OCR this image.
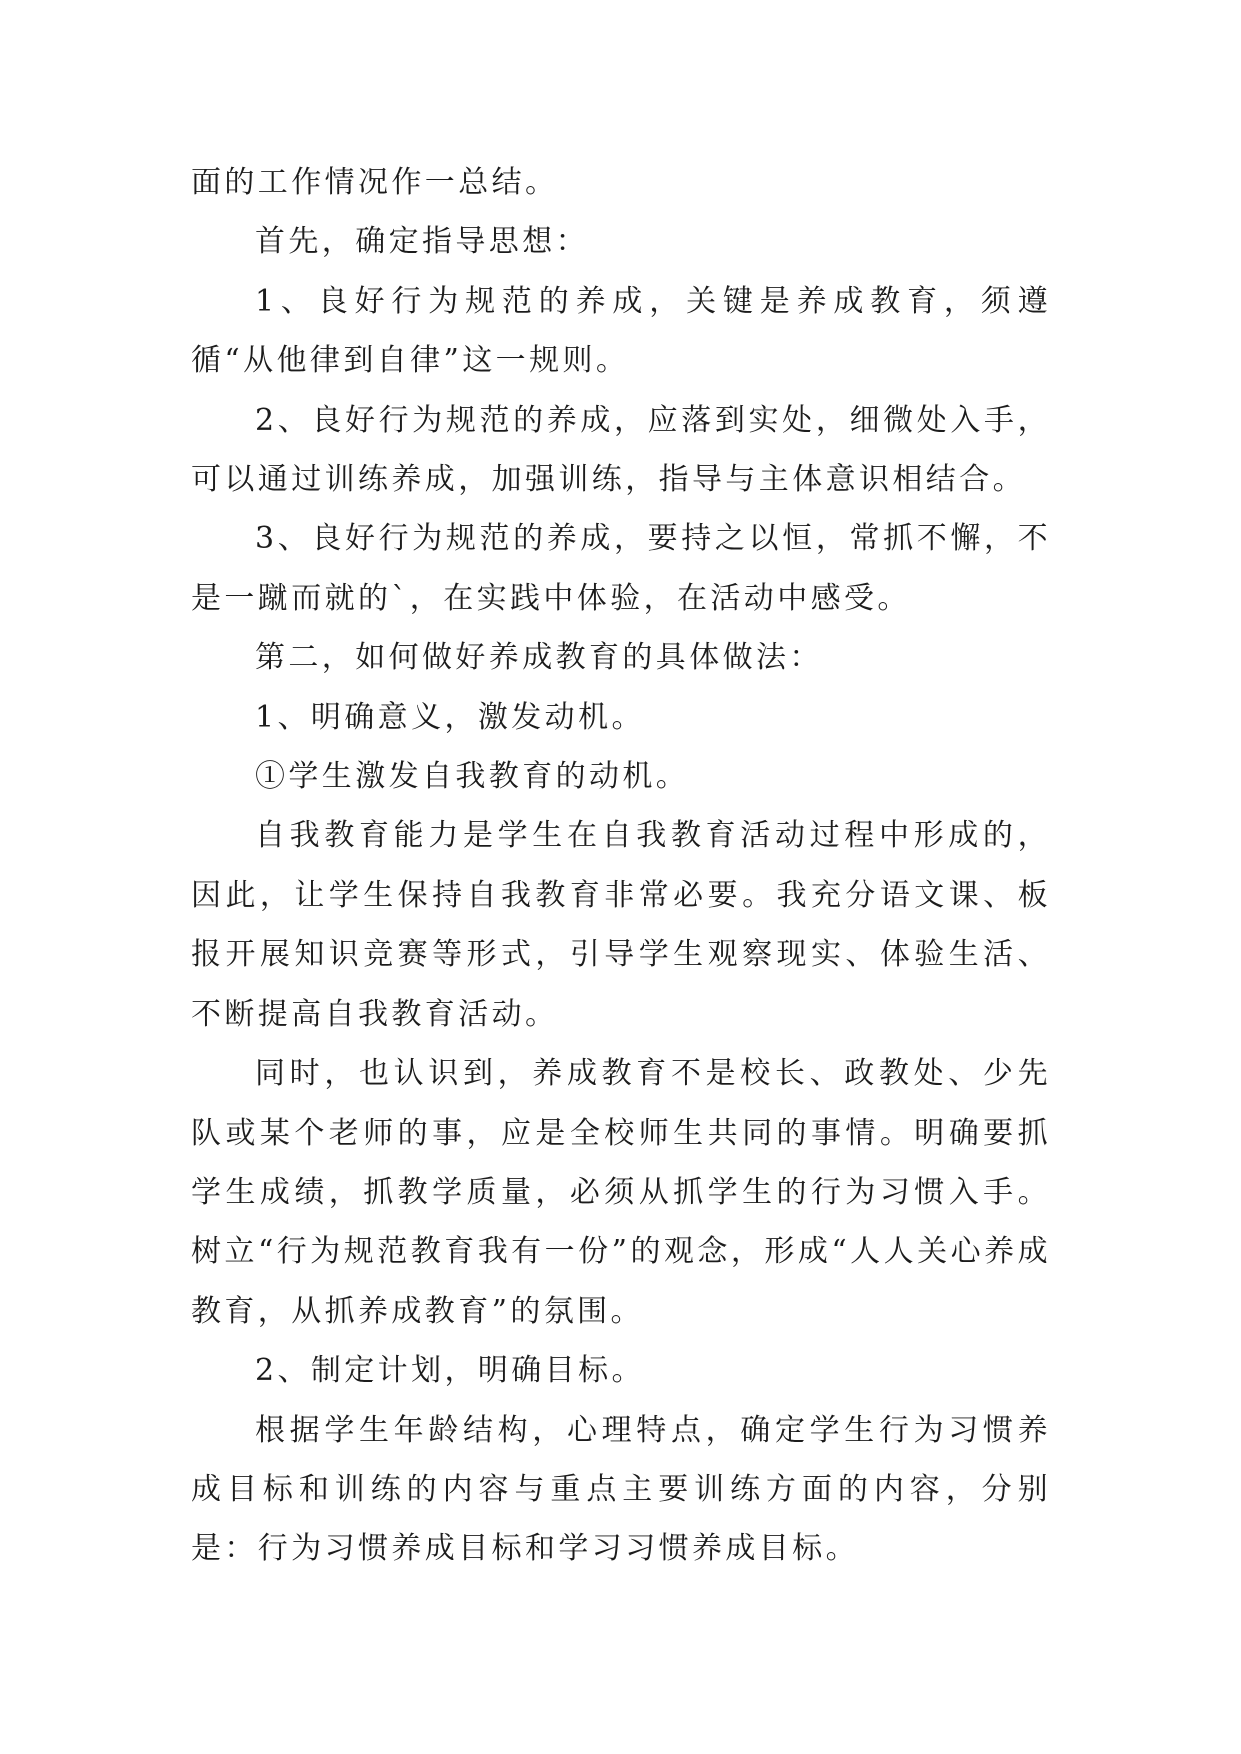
面的工作情况作一总结。

首先，确定指导思想：

1、良好行为规范的养成，关键是养成教育，须遵循“从他律到自律”这一规则。

2、良好行为规范的养成，应落到实处，细微处入手，可以通过训练养成，加强训练，指导与主体意识相结合。

3、良好行为规范的养成，要持之以恒，常抓不懈，不是一蹴而就的`，在实践中体验，在活动中感受。

第二，如何做好养成教育的具体做法：

1、明确意义，激发动机。

①学生激发自我教育的动机。

自我教育能力是学生在自我教育活动过程中形成的，因此，让学生保持自我教育非常必要。我充分语文课、板报开展知识竞赛等形式，引导学生观察现实、体验生活、不断提高自我教育活动。

同时，也认识到，养成教育不是校长、政教处、少先队或某个老师的事，应是全校师生共同的事情。明确要抓学生成绩，抓教学质量，必须从抓学生的行为习惯入手。树立“行为规范教育我有一份”的观念，形成“人人关心养成教育，从抓养成教育”的氛围。

2、制定计划，明确目标。

根据学生年龄结构，心理特点，确定学生行为习惯养成目标和训练的内容与重点主要训练方面的内容，分别是：行为习惯养成目标和学习习惯养成目标。
